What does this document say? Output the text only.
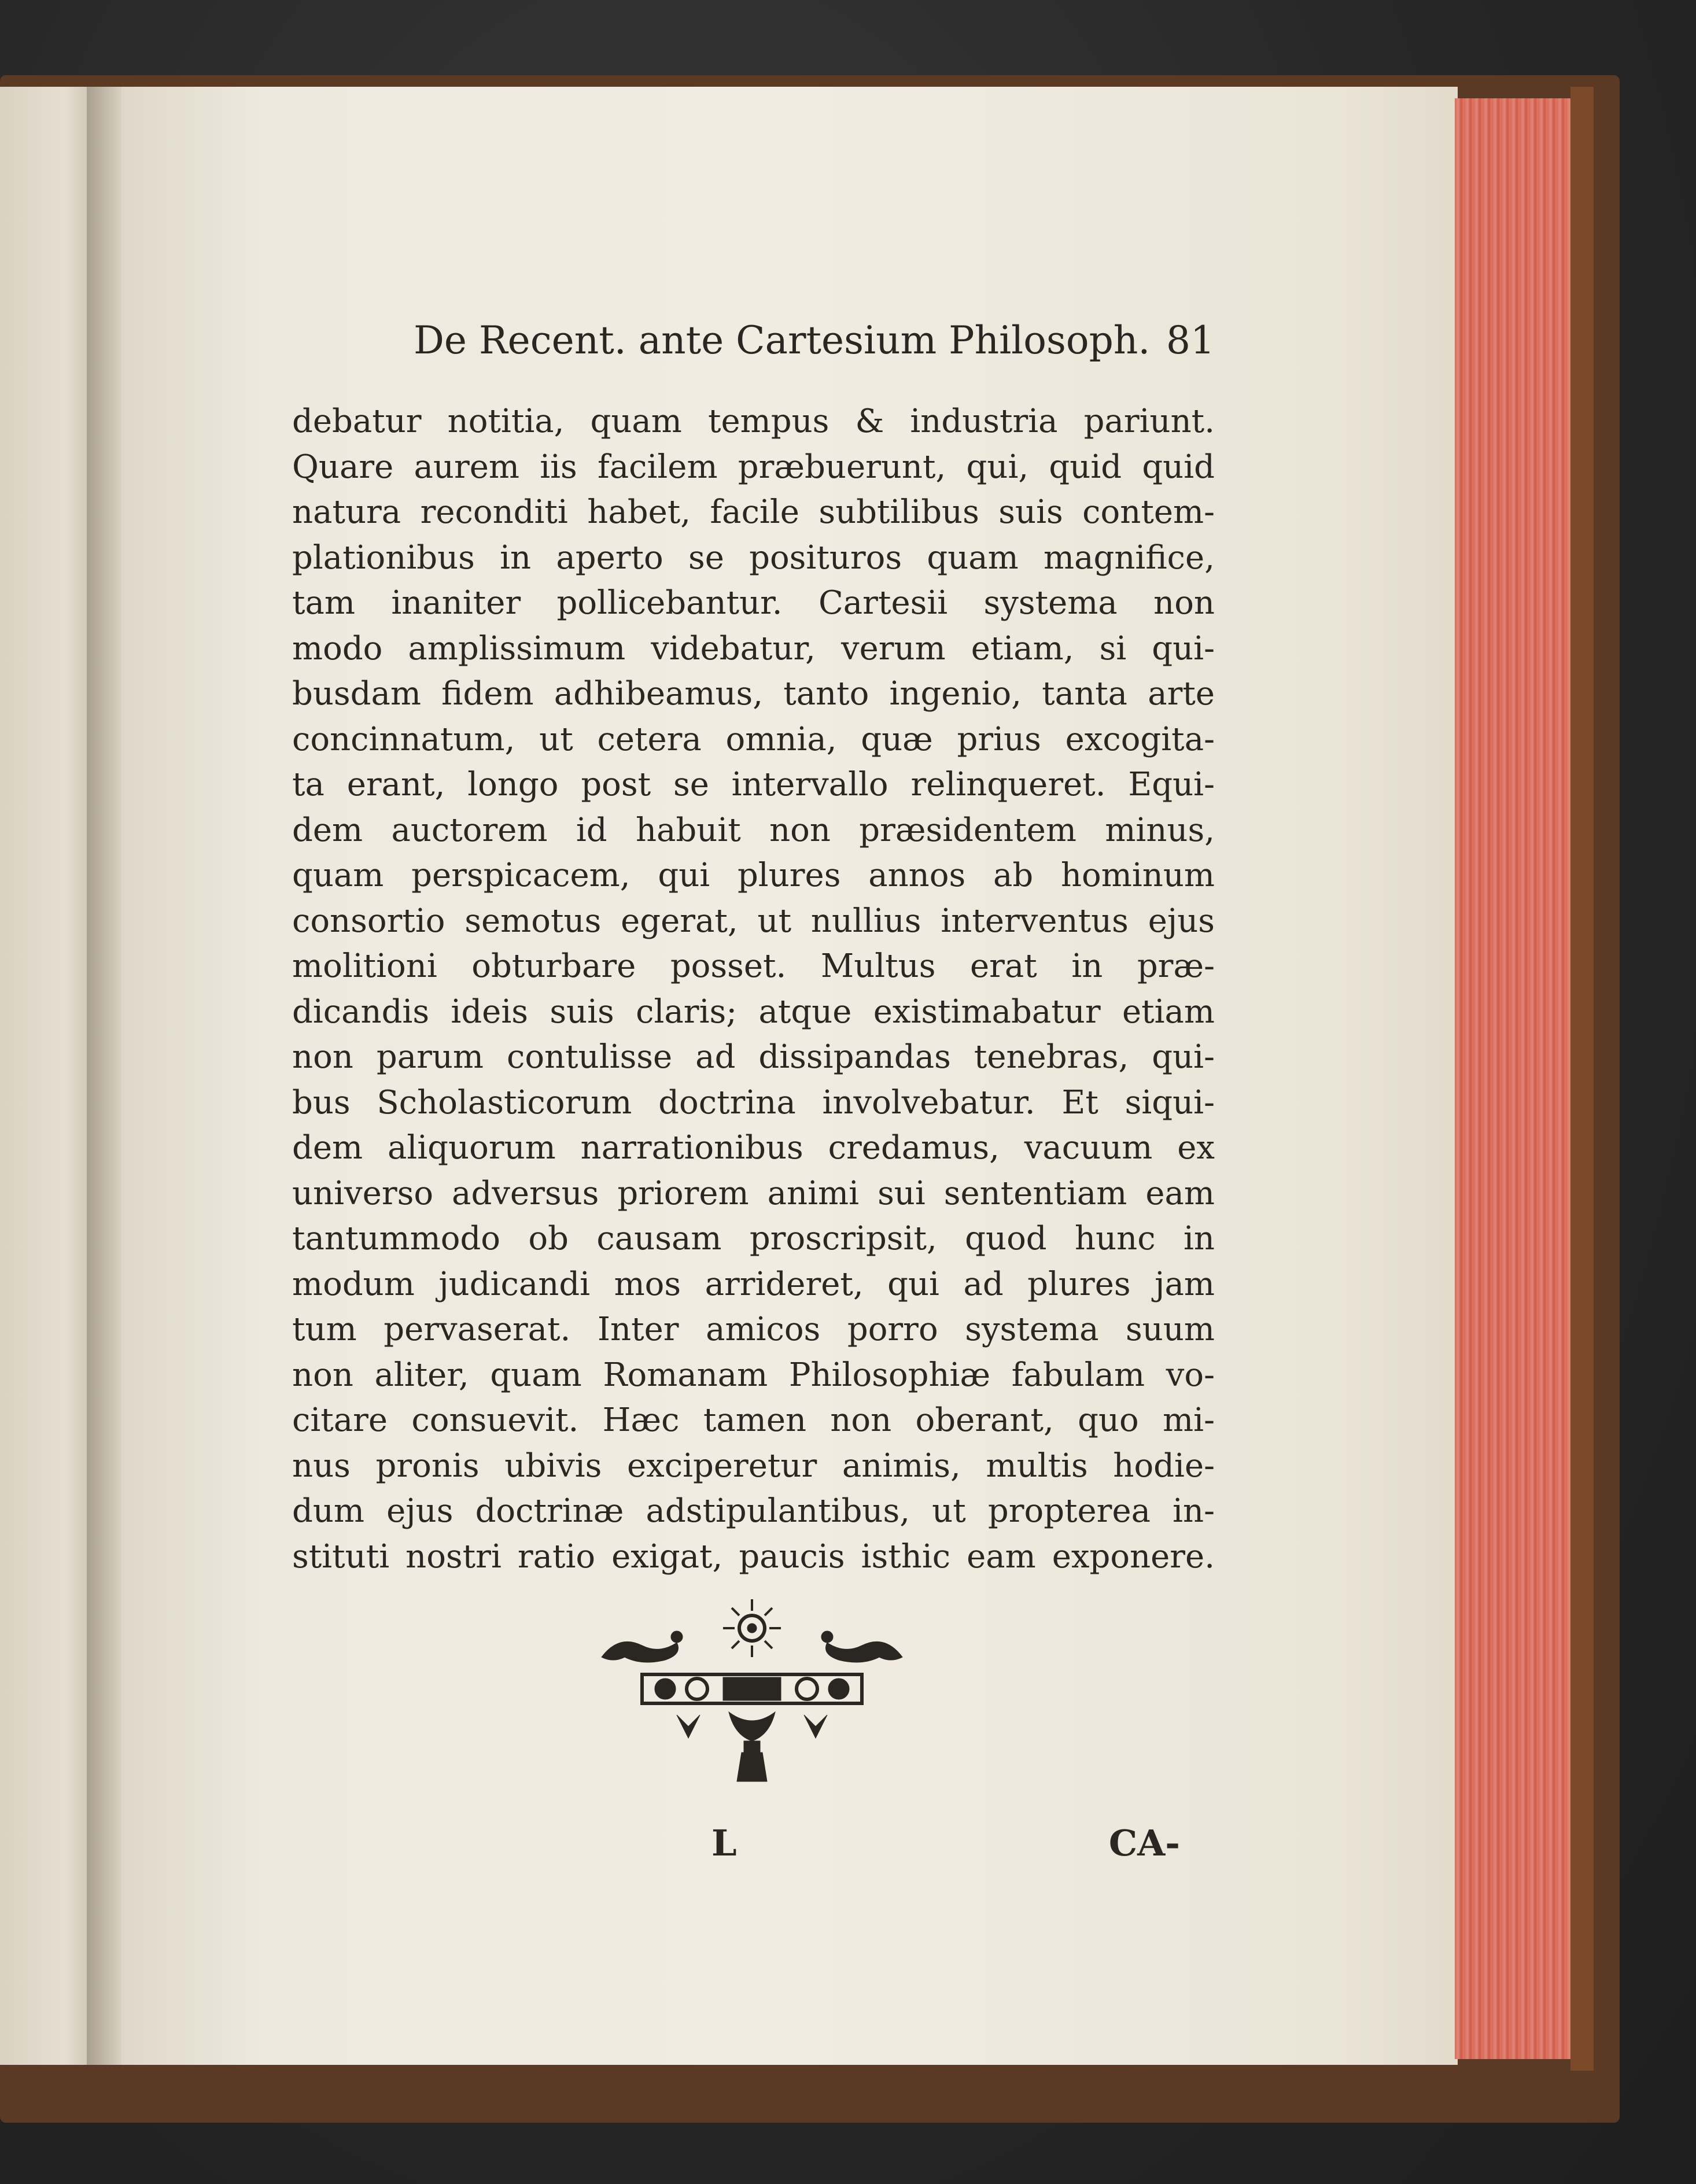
De Recent. ante Cartesium Philosoph. 81
debatur notitia, quam tempus & industria pariunt.
Quare aurem iis facilem præbuerunt, qui, quid quid
natura reconditi habet, facile subtilibus suis contem-
plationibus in aperto se posituros quam magnifice,
tam inaniter pollicebantur. Cartesii systema non
modo amplissimum videbatur, verum etiam, si qui-
busdam fidem adhibeamus, tanto ingenio, tanta arte
concinnatum, ut cetera omnia, quæ prius excogita-
ta erant, longo post se intervallo relinqueret. Equi-
dem auctorem id habuit non præsidentem minus,
quam perspicacem, qui plures annos ab hominum
consortio semotus egerat, ut nullius interventus ejus
molitioni obturbare posset. Multus erat in præ-
dicandis ideis suis claris; atque existimabatur etiam
non parum contulisse ad dissipandas tenebras, qui-
bus Scholasticorum doctrina involvebatur. Et siqui-
dem aliquorum narrationibus credamus, vacuum ex
universo adversus priorem animi sui sententiam eam
tantummodo ob causam proscripsit, quod hunc in
modum judicandi mos arrideret, qui ad plures jam
tum pervaserat. Inter amicos porro systema suum
non aliter, quam Romanam Philosophiæ fabulam vo-
citare consuevit. Hæc tamen non oberant, quo mi-
nus pronis ubivis exciperetur animis, multis hodie-
dum ejus doctrinæ adstipulantibus, ut propterea in-
stituti nostri ratio exigat, paucis isthic eam exponere.
L	CA-
